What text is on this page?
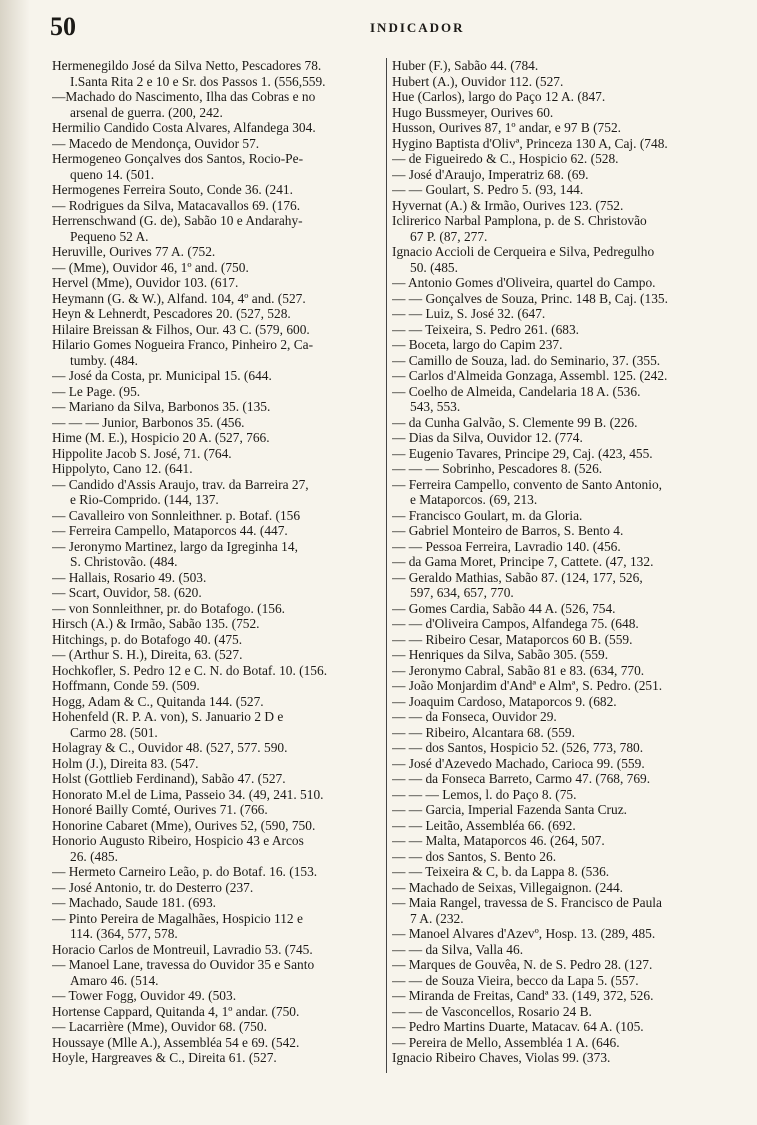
50	INDICADOR
Hermenegildo José da Silva Netto, Pescadores 78.
I.Santa Rita 2 e 10 e Sr. dos Passos 1. (556,559.
—Machado do Nascimento, Ilha das Cobras e no
arsenal de guerra. (200, 242.
Hermilio Candido Costa Alvares, Alfandega 304.
— Macedo de Mendonça, Ouvidor 57.
Hermogeneo Gonçalves dos Santos, Rocio-Pe-
queno 14. (501.
Hermogenes Ferreira Souto, Conde 36. (241.
— Rodrigues da Silva, Matacavallos 69. (176.
Herrenschwand (G. de), Sabão 10 e Andarahy-
Pequeno 52 A.
Heruville, Ourives 77 A. (752.
— (Mme), Ouvidor 46, 1º and. (750.
Hervel (Mme), Ouvidor 103. (617.
Heymann (G. & W.), Alfand. 104, 4º and. (527.
Heyn & Lehnerdt, Pescadores 20. (527, 528.
Hilaire Breissan & Filhos, Our. 43 C. (579, 600.
Hilario Gomes Nogueira Franco, Pinheiro 2, Ca-
tumby. (484.
— José da Costa, pr. Municipal 15. (644.
— Le Page. (95.
— Mariano da Silva, Barbonos 35. (135.
— — — Junior, Barbonos 35. (456.
Hime (M. E.), Hospicio 20 A. (527, 766.
Hippolite Jacob S. José, 71. (764.
Hippolyto, Cano 12. (641.
— Candido d'Assis Araujo, trav. da Barreira 27,
e Rio-Comprido. (144, 137.
— Cavalleiro von Sonnleithner. p. Botaf. (156
— Ferreira Campello, Mataporcos 44. (447.
— Jeronymo Martinez, largo da Igreginha 14,
S. Christovão. (484.
— Hallais, Rosario 49. (503.
— Scart, Ouvidor, 58. (620.
— von Sonnleithner, pr. do Botafogo. (156.
Hirsch (A.) & Irmão, Sabão 135. (752.
Hitchings, p. do Botafogo 40. (475.
— (Arthur S. H.), Direita, 63. (527.
Hochkofler, S. Pedro 12 e C. N. do Botaf. 10. (156.
Hoffmann, Conde 59. (509.
Hogg, Adam & C., Quitanda 144. (527.
Hohenfeld (R. P. A. von), S. Januario 2 D e
Carmo 28. (501.
Holagray & C., Ouvidor 48. (527, 577. 590.
Holm (J.), Direita 83. (547.
Holst (Gottlieb Ferdinand), Sabão 47. (527.
Honorato M.el de Lima, Passeio 34. (49, 241. 510.
Honoré Bailly Comté, Ourives 71. (766.
Honorine Cabaret (Mme), Ourives 52, (590, 750.
Honorio Augusto Ribeiro, Hospicio 43 e Arcos
26. (485.
— Hermeto Carneiro Leão, p. do Botaf. 16. (153.
— José Antonio, tr. do Desterro (237.
— Machado, Saude 181. (693.
— Pinto Pereira de Magalhães, Hospicio 112 e
114. (364, 577, 578.
Horacio Carlos de Montreuil, Lavradio 53. (745.
— Manoel Lane, travessa do Ouvidor 35 e Santo
Amaro 46. (514.
— Tower Fogg, Ouvidor 49. (503.
Hortense Cappard, Quitanda 4, 1º andar. (750.
— Lacarrière (Mme), Ouvidor 68. (750.
Houssaye (Mlle A.), Assembléa 54 e 69. (542.
Hoyle, Hargreaves & C., Direita 61. (527.
Huber (F.), Sabão 44. (784.
Hubert (A.), Ouvidor 112. (527.
Hue (Carlos), largo do Paço 12 A. (847.
Hugo Bussmeyer, Ourives 60.
Husson, Ourives 87, 1º andar, e 97 B (752.
Hygino Baptista d'Olivª, Princeza 130 A, Caj. (748.
— de Figueiredo & C., Hospicio 62. (528.
— José d'Araujo, Imperatriz 68. (69.
— — Goulart, S. Pedro 5. (93, 144.
Hyvernat (A.) & Irmão, Ourives 123. (752.
Iclirerico Narbal Pamplona, p. de S. Christovão
67 P. (87, 277.
Ignacio Accioli de Cerqueira e Silva, Pedregulho
50. (485.
— Antonio Gomes d'Oliveira, quartel do Campo.
— — Gonçalves de Souza, Princ. 148 B, Caj. (135.
— — Luiz, S. José 32. (647.
— — Teixeira, S. Pedro 261. (683.
— Boceta, largo do Capim 237.
— Camillo de Souza, lad. do Seminario, 37. (355.
— Carlos d'Almeida Gonzaga, Assembl. 125. (242.
— Coelho de Almeida, Candelaria 18 A. (536.
543, 553.
— da Cunha Galvão, S. Clemente 99 B. (226.
— Dias da Silva, Ouvidor 12. (774.
— Eugenio Tavares, Principe 29, Caj. (423, 455.
— — — Sobrinho, Pescadores 8. (526.
— Ferreira Campello, convento de Santo Antonio,
e Mataporcos. (69, 213.
— Francisco Goulart, m. da Gloria.
— Gabriel Monteiro de Barros, S. Bento 4.
— — Pessoa Ferreira, Lavradio 140. (456.
— da Gama Moret, Principe 7, Cattete. (47, 132.
— Geraldo Mathias, Sabão 87. (124, 177, 526,
597, 634, 657, 770.
— Gomes Cardia, Sabão 44 A. (526, 754.
— — d'Oliveira Campos, Alfandega 75. (648.
— — Ribeiro Cesar, Mataporcos 60 B. (559.
— Henriques da Silva, Sabão 305. (559.
— Jeronymo Cabral, Sabão 81 e 83. (634, 770.
— João Monjardim d'Andª e Almª, S. Pedro. (251.
— Joaquim Cardoso, Mataporcos 9. (682.
— — da Fonseca, Ouvidor 29.
— — Ribeiro, Alcantara 68. (559.
— — dos Santos, Hospicio 52. (526, 773, 780.
— José d'Azevedo Machado, Carioca 99. (559.
— — da Fonseca Barreto, Carmo 47. (768, 769.
— — — Lemos, l. do Paço 8. (75.
— — Garcia, Imperial Fazenda Santa Cruz.
— — Leitão, Assembléa 66. (692.
— — Malta, Mataporcos 46. (264, 507.
— — dos Santos, S. Bento 26.
— — Teixeira & C, b. da Lappa 8. (536.
— Machado de Seixas, Villegaignon. (244.
— Maia Rangel, travessa de S. Francisco de Paula
7 A. (232.
— Manoel Alvares d'Azevº, Hosp. 13. (289, 485.
— — da Silva, Valla 46.
— Marques de Gouvêa, N. de S. Pedro 28. (127.
— — de Souza Vieira, becco da Lapa 5. (557.
— Miranda de Freitas, Candª 33. (149, 372, 526.
— — de Vasconcellos, Rosario 24 B.
— Pedro Martins Duarte, Matacav. 64 A. (105.
— Pereira de Mello, Assembléa 1 A. (646.
Ignacio Ribeiro Chaves, Violas 99. (373.
